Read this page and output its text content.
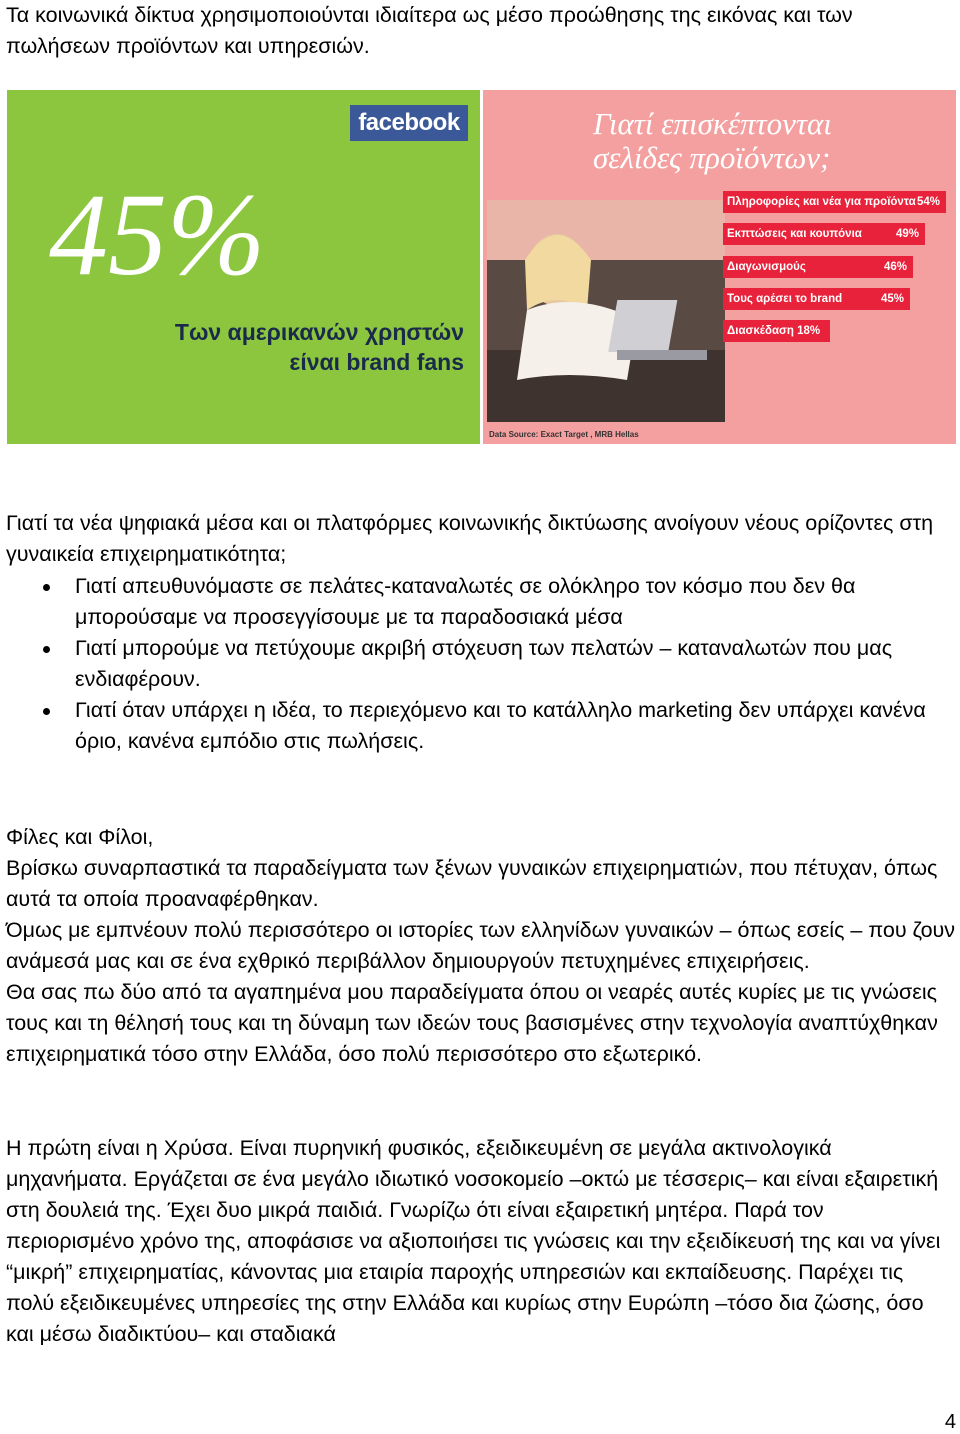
Τα κοινωνικά δίκτυα χρησιμοποιούνται ιδιαίτερα ως μέσο προώθησης της εικόνας και των πωλήσεων προϊόντων και υπηρεσιών.
facebook
45%
Των αμερικανών χρηστών
είναι brand fans
Γιατί επισκέπτονται
σελίδες προϊόντων;
Πληροφορίες και νέα για προϊόντα 54%
Εκπτώσεις και κουπόνια	49%
Διαγωνισμούς	46%
Τους αρέσει το brand	45%
Διασκέδαση 18%
Data Source: Exact Target , MRB Hellas
Γιατί τα νέα ψηφιακά μέσα και οι πλατφόρμες κοινωνικής δικτύωσης ανοίγουν νέους ορίζοντες στη γυναικεία επιχειρηματικότητα;
Γιατί απευθυνόμαστε σε πελάτες-καταναλωτές σε ολόκληρο τον κόσμο που δεν θα μπορούσαμε να προσεγγίσουμε με τα παραδοσιακά μέσα
Γιατί μπορούμε να πετύχουμε ακριβή στόχευση των πελατών – καταναλωτών που μας ενδιαφέρουν.
Γιατί όταν υπάρχει η ιδέα, το περιεχόμενο και το κατάλληλο marketing δεν υπάρχει κανένα όριο, κανένα εμπόδιο στις πωλήσεις.
Φίλες και Φίλοι,
Βρίσκω συναρπαστικά τα παραδείγματα των ξένων γυναικών επιχειρηματιών, που πέτυχαν, όπως αυτά τα οποία προαναφέρθηκαν.
Όμως με εμπνέουν πολύ περισσότερο οι ιστορίες των ελληνίδων γυναικών – όπως εσείς – που ζουν ανάμεσά μας και σε ένα εχθρικό περιβάλλον δημιουργούν πετυχημένες επιχειρήσεις.
Θα σας πω δύο από τα αγαπημένα μου παραδείγματα όπου οι νεαρές αυτές κυρίες με τις γνώσεις τους και τη θέλησή τους και τη δύναμη των ιδεών τους βασισμένες στην τεχνολογία αναπτύχθηκαν επιχειρηματικά τόσο στην Ελλάδα, όσο πολύ περισσότερο στο εξωτερικό.
Η πρώτη είναι η Χρύσα. Είναι πυρηνική φυσικός, εξειδικευμένη σε μεγάλα ακτινολογικά μηχανήματα. Εργάζεται σε ένα μεγάλο ιδιωτικό νοσοκομείο –οκτώ με τέσσερις– και είναι εξαιρετική στη δουλειά της. Έχει δυο μικρά παιδιά. Γνωρίζω ότι είναι εξαιρετική μητέρα. Παρά τον περιορισμένο χρόνο της, αποφάσισε να αξιοποιήσει τις γνώσεις και την εξειδίκευσή της και να γίνει “μικρή” επιχειρηματίας, κάνοντας μια εταιρία παροχής υπηρεσιών και εκπαίδευσης. Παρέχει τις πολύ εξειδικευμένες υπηρεσίες της στην Ελλάδα και κυρίως στην Ευρώπη –τόσο δια ζώσης, όσο και μέσω διαδικτύου– και σταδιακά
4
